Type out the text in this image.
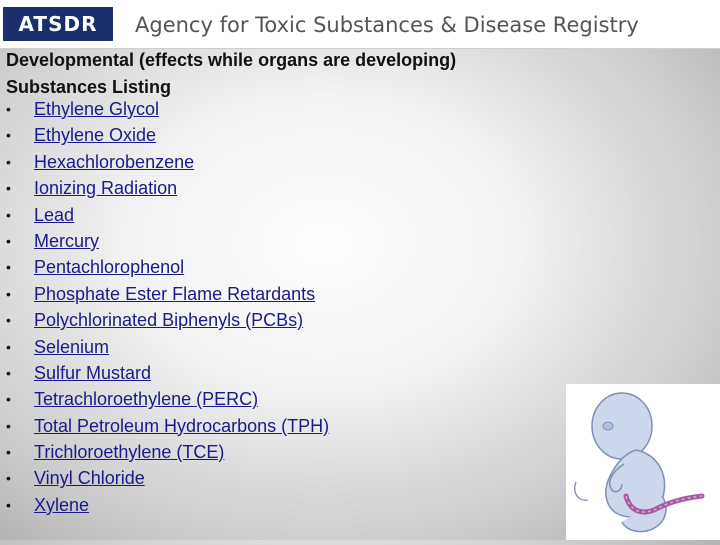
ATSDR	Agency for Toxic Substances & Disease Registry
Developmental (effects while organs are developing)
Substances Listing
• Ethylene Glycol
• Ethylene Oxide
• Hexachlorobenzene
• Ionizing Radiation
• Lead
• Mercury
• Pentachlorophenol
• Phosphate Ester Flame Retardants
• Polychlorinated Biphenyls (PCBs)
• Selenium
• Sulfur Mustard
• Tetrachloroethylene (PERC)
• Total Petroleum Hydrocarbons (TPH)
• Trichloroethylene (TCE)
• Vinyl Chloride
• Xylene
